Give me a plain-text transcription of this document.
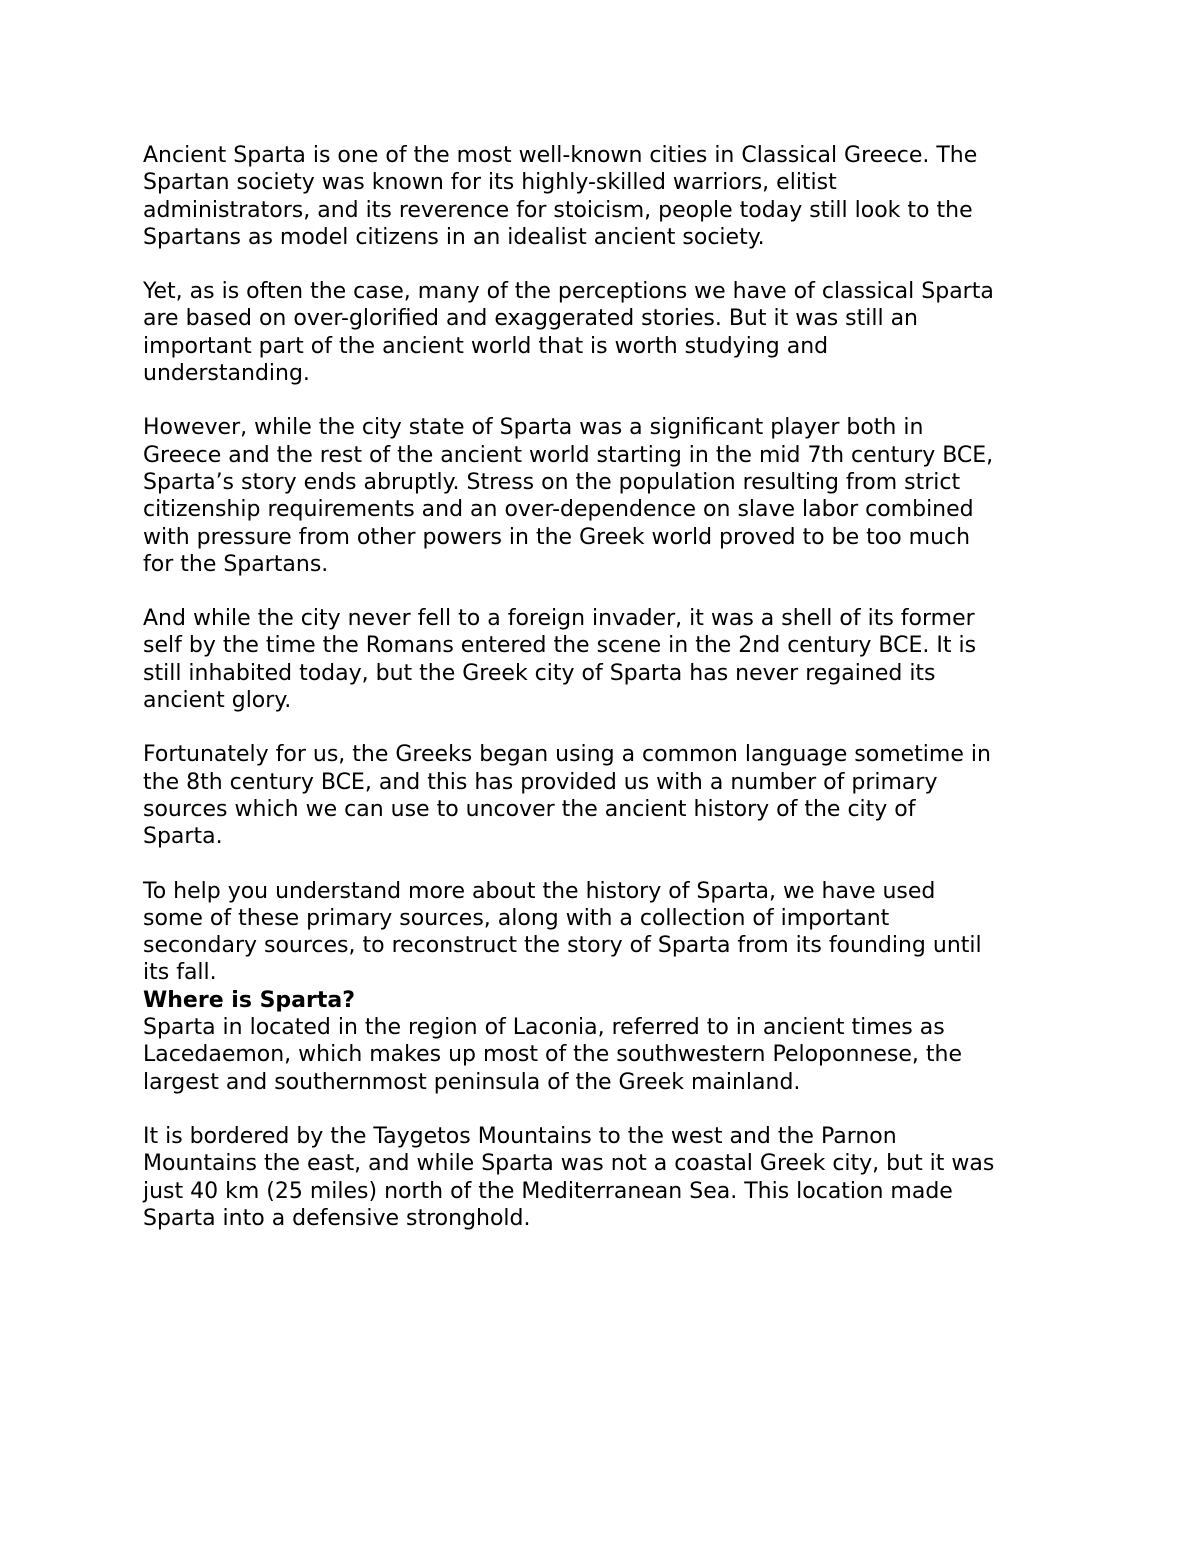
Ancient Sparta is one of the most well-known cities in Classical Greece. The
Spartan society was known for its highly-skilled warriors, elitist
administrators, and its reverence for stoicism, people today still look to the
Spartans as model citizens in an idealist ancient society.

Yet, as is often the case, many of the perceptions we have of classical Sparta
are based on over-glorified and exaggerated stories. But it was still an
important part of the ancient world that is worth studying and
understanding.

However, while the city state of Sparta was a significant player both in
Greece and the rest of the ancient world starting in the mid 7th century BCE,
Sparta’s story ends abruptly. Stress on the population resulting from strict
citizenship requirements and an over-dependence on slave labor combined
with pressure from other powers in the Greek world proved to be too much
for the Spartans.

And while the city never fell to a foreign invader, it was a shell of its former
self by the time the Romans entered the scene in the 2nd century BCE. It is
still inhabited today, but the Greek city of Sparta has never regained its
ancient glory.

Fortunately for us, the Greeks began using a common language sometime in
the 8th century BCE, and this has provided us with a number of primary
sources which we can use to uncover the ancient history of the city of
Sparta.

To help you understand more about the history of Sparta, we have used
some of these primary sources, along with a collection of important
secondary sources, to reconstruct the story of Sparta from its founding until
its fall.

Where is Sparta?

Sparta in located in the region of Laconia, referred to in ancient times as
Lacedaemon, which makes up most of the southwestern Peloponnese, the
largest and southernmost peninsula of the Greek mainland.

It is bordered by the Taygetos Mountains to the west and the Parnon
Mountains the east, and while Sparta was not a coastal Greek city, but it was
just 40 km (25 miles) north of the Mediterranean Sea. This location made
Sparta into a defensive stronghold.
